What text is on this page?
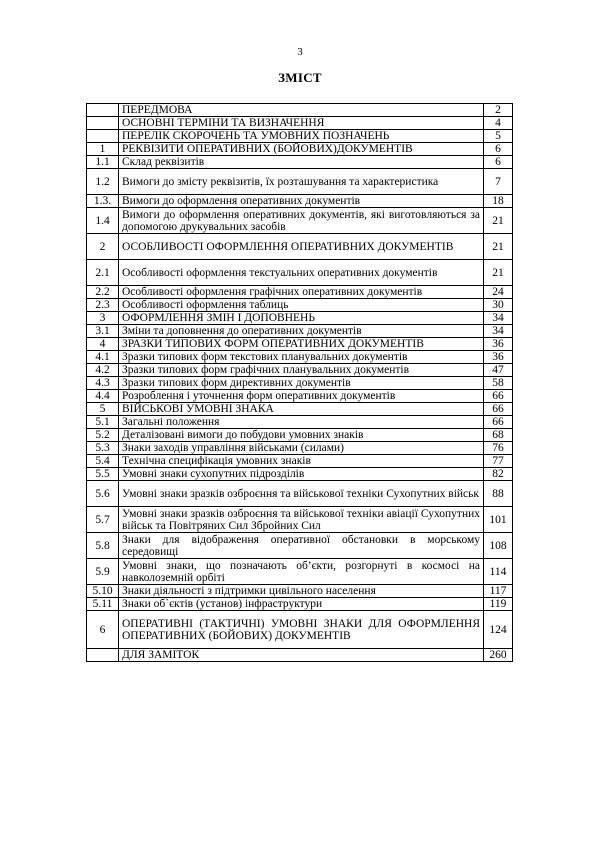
3
ЗМІСТ
	ПЕРЕДМОВА	2
	ОСНОВНІ ТЕРМІНИ ТА ВИЗНАЧЕННЯ	4
	ПЕРЕЛІК СКОРОЧЕНЬ ТА УМОВНИХ ПОЗНАЧЕНЬ	5
1	РЕКВІЗИТИ ОПЕРАТИВНИХ (БОЙОВИХ)ДОКУМЕНТІВ	6
1.1	Склад реквізитів	6
1.2	Вимоги до змісту реквізитів, їх розташування та характеристика	7
1.3.	Вимоги до оформлення оперативних документів	18
1.4	Вимоги до оформлення оперативних документів, які виготовляються за допомогою друкувальних засобів	21
2	ОСОБЛИВОСТІ ОФОРМЛЕННЯ ОПЕРАТИВНИХ ДОКУМЕНТІВ	21
2.1	Особливості оформлення текстуальних оперативних документів	21
2.2	Особливості оформлення графічних оперативних документів	24
2.3	Особливості оформлення таблиць	30
3	ОФОРМЛЕННЯ ЗМІН І ДОПОВНЕНЬ	34
3.1	Зміни та доповнення до оперативних документів	34
4	ЗРАЗКИ ТИПОВИХ ФОРМ ОПЕРАТИВНИХ ДОКУМЕНТІВ	36
4.1	Зразки типових форм текстових планувальних документів	36
4.2	Зразки типових форм графічних планувальних документів	47
4.3	Зразки типових форм директивних документів	58
4.4	Розроблення і уточнення форм оперативних документів	66
5	ВІЙСЬКОВІ УМОВНІ ЗНАКА	66
5.1	Загальні положення	66
5.2	Деталізовані вимоги до побудови умовних знаків	68
5.3	Знаки заходів управління військами (силами)	76
5.4	Технічна специфікація умовних знаків	77
5.5	Умовні знаки сухопутних підрозділів	82
5.6	Умовні знаки зразків озброєння та військової техніки Сухопутних військ	88
5.7	Умовні знаки зразків озброєння та військової техніки авіації Сухопутних військ та Повітряних Сил Збройних Сил	101
5.8	Знаки для відображення оперативної обстановки в морському середовищі	108
5.9	Умовні знаки, що позначають об’єкти, розгорнуті в космосі на навколоземній орбіті	114
5.10	Знаки діяльності з підтримки цивільного населення	117
5.11	Знаки об`єктів (установ) інфраструктури	119
6	ОПЕРАТИВНІ (ТАКТИЧНІ) УМОВНІ ЗНАКИ ДЛЯ ОФОРМЛЕННЯ ОПЕРАТИВНИХ (БОЙОВИХ) ДОКУМЕНТІВ	124
	ДЛЯ ЗАМІТОК	260
